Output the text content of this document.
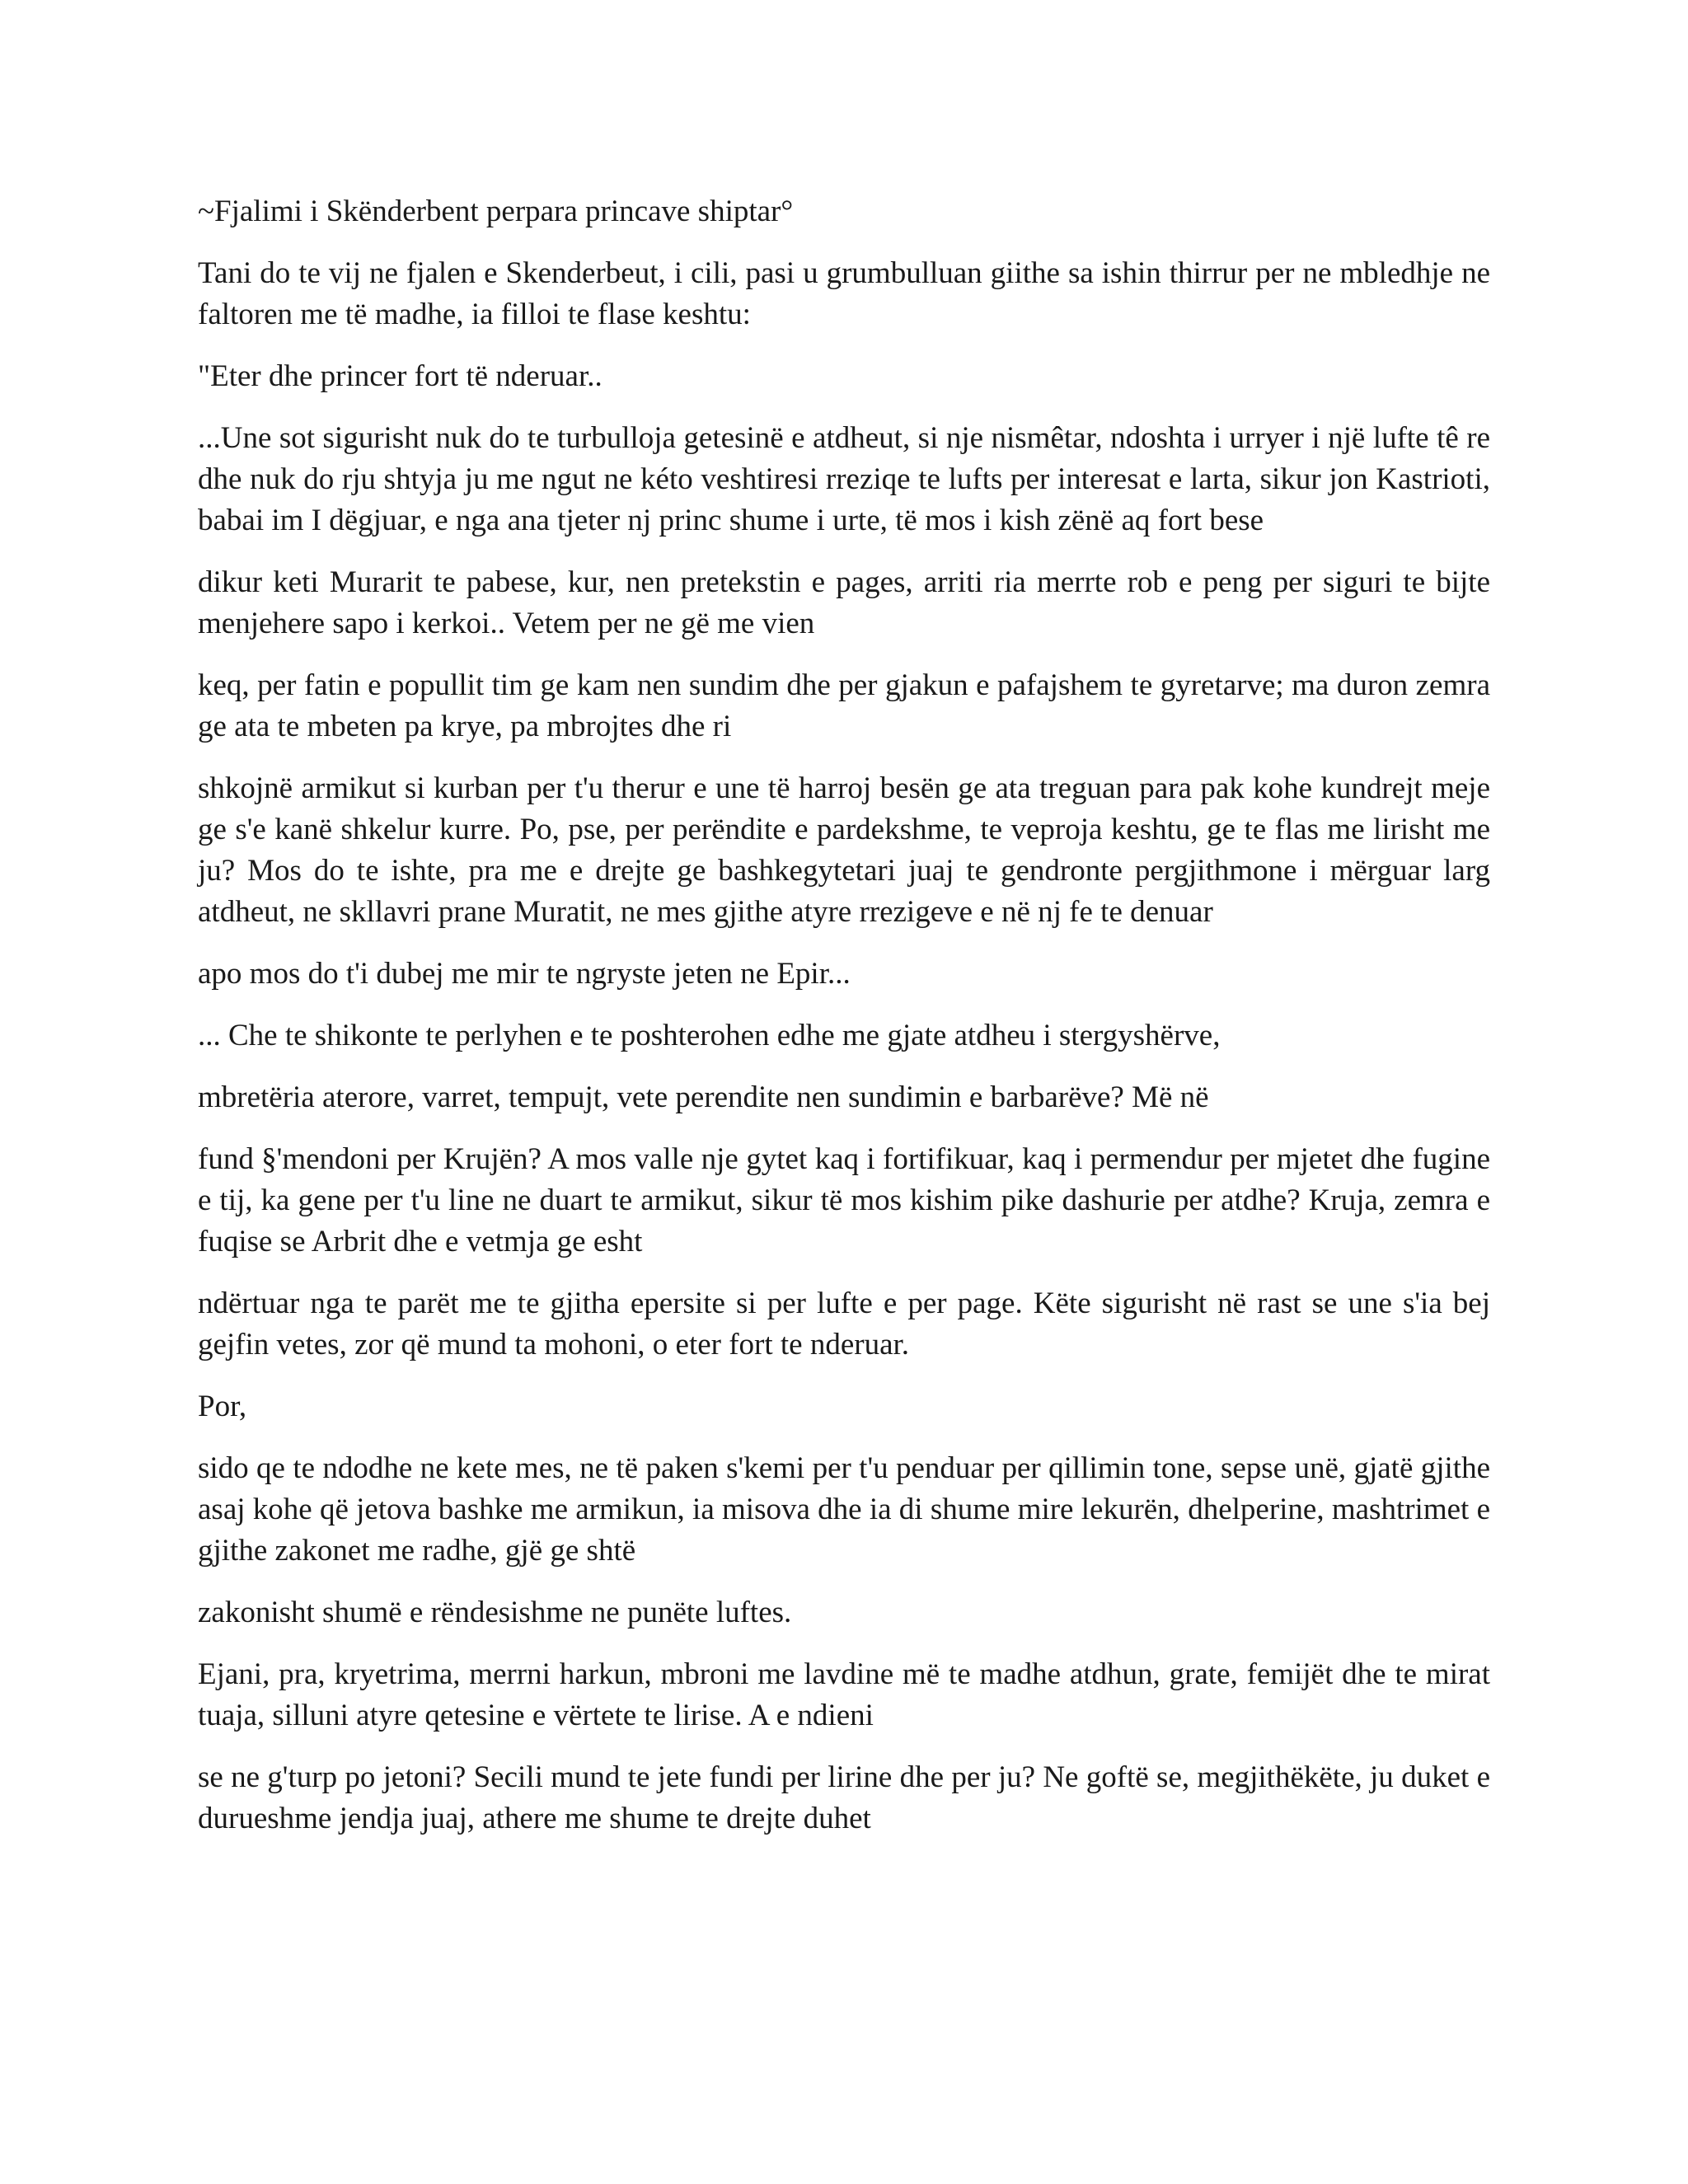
~Fjalimi i Skënderbent perpara princave shiptar°

Tani do te vij ne fjalen e Skenderbeut, i cili, pasi u grumbulluan giithe sa ishin thirrur per ne mbledhje ne faltoren me të madhe, ia filloi te flase keshtu:

"Eter dhe princer fort të nderuar..

...Une sot sigurisht nuk do te turbulloja getesinë e atdheut, si nje nismêtar, ndoshta i urryer i një lufte tê re dhe nuk do rju shtyja ju me ngut ne kéto veshtiresi rreziqe te lufts per interesat e larta, sikur jon Kastrioti, babai im I dëgjuar, e nga ana tjeter nj princ shume i urte, të mos i kish zënë aq fort bese

dikur keti Murarit te pabese, kur, nen pretekstin e pages, arriti ria merrte rob e peng per siguri te bijte menjehere sapo i kerkoi.. Vetem per ne gë me vien

keq, per fatin e popullit tim ge kam nen sundim dhe per gjakun e pafajshem te gyretarve; ma duron zemra ge ata te mbeten pa krye, pa mbrojtes dhe ri

shkojnë armikut si kurban per t'u therur e une të harroj besën ge ata treguan para pak kohe kundrejt meje ge s'e kanë shkelur kurre. Po, pse, per perëndite e pardekshme, te veproja keshtu, ge te flas me lirisht me ju? Mos do te ishte, pra me e drejte ge bashkegytetari juaj te gendronte pergjithmone i mërguar larg atdheut, ne skllavri prane Muratit, ne mes gjithe atyre rrezigeve e në nj fe te denuar

apo mos do t'i dubej me mir te ngryste jeten ne Epir...

... Che te shikonte te perlyhen e te poshterohen edhe me gjate atdheu i stergyshërve,

mbretëria aterore, varret, tempujt, vete perendite nen sundimin e barbarëve? Më në

fund §'mendoni per Krujën? A mos valle nje gytet kaq i fortifikuar, kaq i permendur per mjetet dhe fugine e tij, ka gene per t'u line ne duart te armikut, sikur të mos kishim pike dashurie per atdhe? Kruja, zemra e fuqise se Arbrit dhe e vetmja ge esht

ndërtuar nga te parët me te gjitha epersite si per lufte e per page. Këte sigurisht në rast se une s'ia bej gejfin vetes, zor që mund ta mohoni, o eter fort te nderuar.

Por,

sido qe te ndodhe ne kete mes, ne të paken s'kemi per t'u penduar per qillimin tone, sepse unë, gjatë gjithe asaj kohe që jetova bashke me armikun, ia misova dhe ia di shume mire lekurën, dhelperine, mashtrimet e gjithe zakonet me radhe, gjë ge shtë

zakonisht shumë e rëndesishme ne punëte luftes.

Ejani, pra, kryetrima, merrni harkun, mbroni me lavdine më te madhe atdhun, grate, femijët dhe te mirat tuaja, silluni atyre qetesine e vërtete te lirise. A e ndieni

se ne g'turp po jetoni? Secili mund te jete fundi per lirine dhe per ju? Ne goftë se, megjithëkëte, ju duket e durueshme jendja juaj, athere me shume te drejte duhet
